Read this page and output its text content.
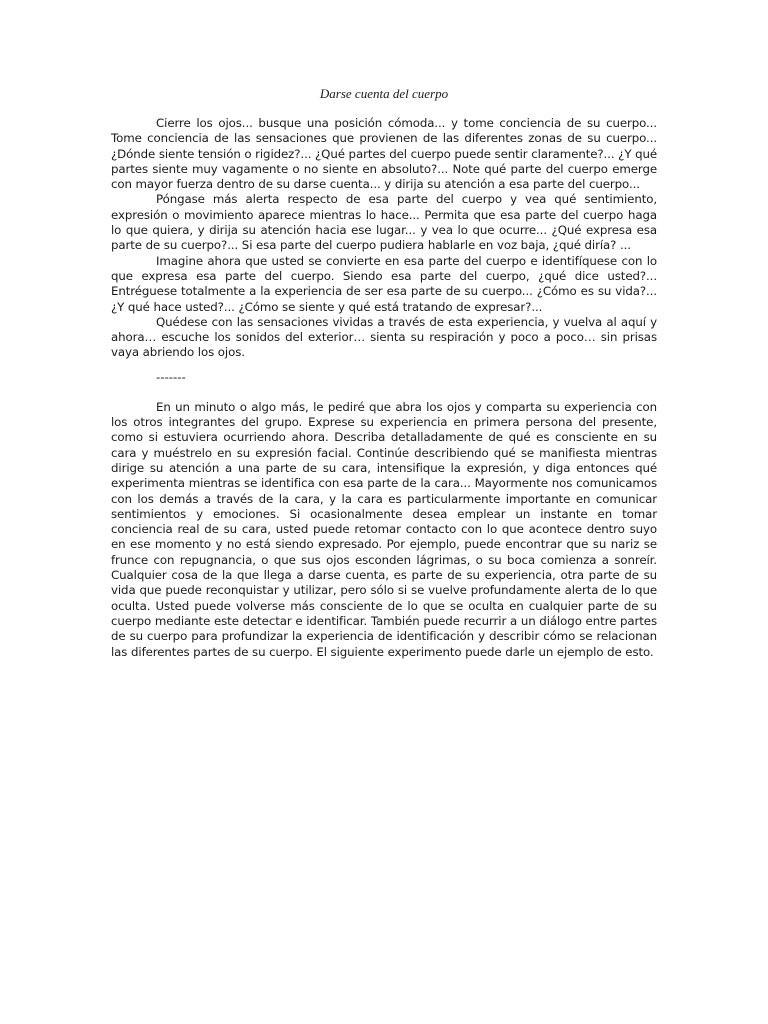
Darse cuenta del cuerpo

Cierre los ojos... busque una posición cómoda... y tome conciencia de su cuerpo... Tome conciencia de las sensaciones que provienen de las diferentes zonas de su cuerpo... ¿Dónde siente tensión o rigidez?... ¿Qué partes del cuerpo puede sentir claramente?... ¿Y qué partes siente muy vagamente o no siente en absoluto?... Note qué parte del cuerpo emerge con mayor fuerza dentro de su darse cuenta... y dirija su atención a esa parte del cuerpo...

Póngase más alerta respecto de esa parte del cuerpo y vea qué sentimiento, expresión o movimiento aparece mientras lo hace... Permita que esa parte del cuerpo haga lo que quiera, y dirija su atención hacia ese lugar... y vea lo que ocurre... ¿Qué expresa esa parte de su cuerpo?... Si esa parte del cuerpo pudiera hablarle en voz baja, ¿qué diría? ...

Imagine ahora que usted se convierte en esa parte del cuerpo e identifíquese con lo que expresa esa parte del cuerpo. Siendo esa parte del cuerpo, ¿qué dice usted?... Entréguese totalmente a la experiencia de ser esa parte de su cuerpo... ¿Cómo es su vida?... ¿Y qué hace usted?... ¿Cómo se siente y qué está tratando de expresar?...

Quédese con las sensaciones vividas a través de esta experiencia, y vuelva al aquí y ahora… escuche los sonidos del exterior… sienta su respiración y poco a poco… sin prisas vaya abriendo los ojos.

-------

En un minuto o algo más, le pediré que abra los ojos y comparta su experiencia con los otros integrantes del grupo. Exprese su experiencia en primera persona del presente, como si estuviera ocurriendo ahora. Describa detalladamente de qué es consciente en su cara y muéstrelo en su expresión facial. Continúe describiendo qué se manifiesta mientras dirige su atención a una parte de su cara, intensifique la expresión, y diga entonces qué experimenta mientras se identifica con esa parte de la cara... Mayormente nos comunicamos con los demás a través de la cara, y la cara es particularmente importante en comunicar sentimientos y emociones. Si ocasionalmente desea emplear un instante en tomar conciencia real de su cara, usted puede retomar contacto con lo que acontece dentro suyo en ese momento y no está siendo expresado. Por ejemplo, puede encontrar que su nariz se frunce con repugnancia, o que sus ojos esconden lágrimas, o su boca comienza a sonreír. Cualquier cosa de la que llega a darse cuenta, es parte de su experiencia, otra parte de su vida que puede reconquistar y utilizar, pero sólo si se vuelve profundamente alerta de lo que oculta. Usted puede volverse más consciente de lo que se oculta en cualquier parte de su cuerpo mediante este detectar e identificar. También puede recurrir a un diálogo entre partes de su cuerpo para profundizar la experiencia de identificación y describir cómo se relacionan las diferentes partes de su cuerpo. El siguiente experimento puede darle un ejemplo de esto.
